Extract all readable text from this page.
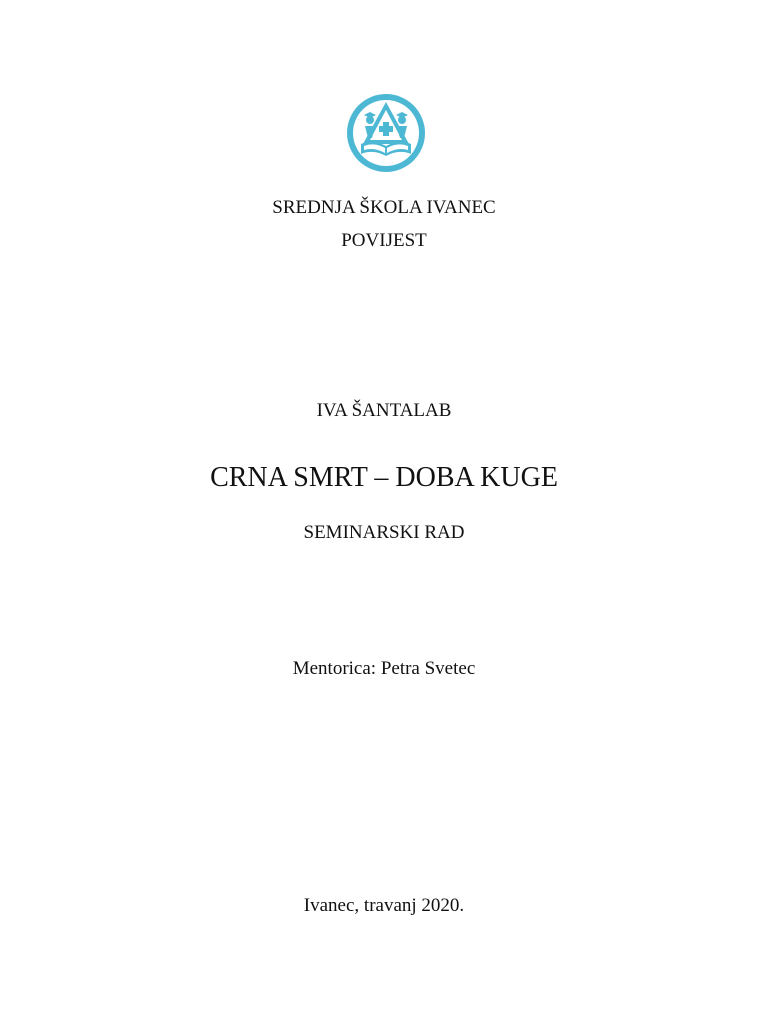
SREDNJA ŠKOLA IVANEC
POVIJEST
IVA ŠANTALAB
CRNA SMRT – DOBA KUGE
SEMINARSKI RAD
Mentorica: Petra Svetec
Ivanec, travanj 2020.
